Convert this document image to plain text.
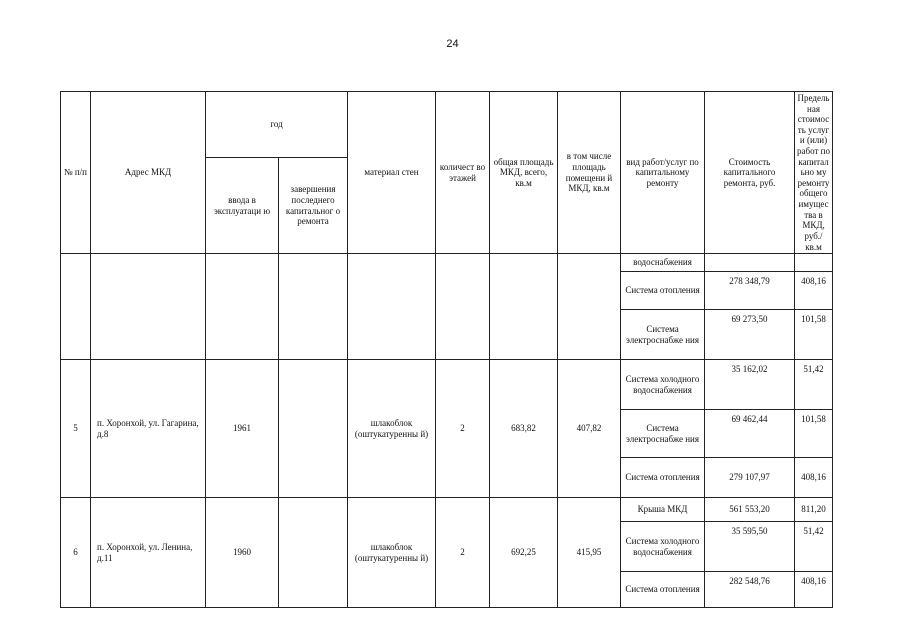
24
№ п/п	Адрес МКД	год		материал стен	количест во этажей	общая площадь МКД, всего, кв.м	в том числе площадь помещени й МКД, кв.м	вид работ/услуг по капитальному ремонту	Стоимость капитального ремонта, руб.	Предельная стоимость услуг и (или) работ по капитально му ремонту общего имущества в МКД, руб./кв.м
		ввода в эксплуатаци ю	завершения последнего капитальног о ремонта							
								водоснабжения		
								Система отопления	278 348,79	408,16
								Система электроснабже ния	69 273,50	101,58
5	п. Хоронхой, ул. Гагарина, д.8	1961		шлакоблок (оштукатуренны й)	2	683,82	407,82	Система холодного водоснабжения	35 162,02	51,42
								Система электроснабже ния	69 462,44	101,58
								Система отопления	279 107,97	408,16
6	п. Хоронхой, ул. Ленина, д.11	1960		шлакоблок (оштукатуренны й)	2	692,25	415,95	Крыша МКД	561 553,20	811,20
								Система холодного водоснабжения	35 595,50	51,42
								Система отопления	282 548,76	408,16
